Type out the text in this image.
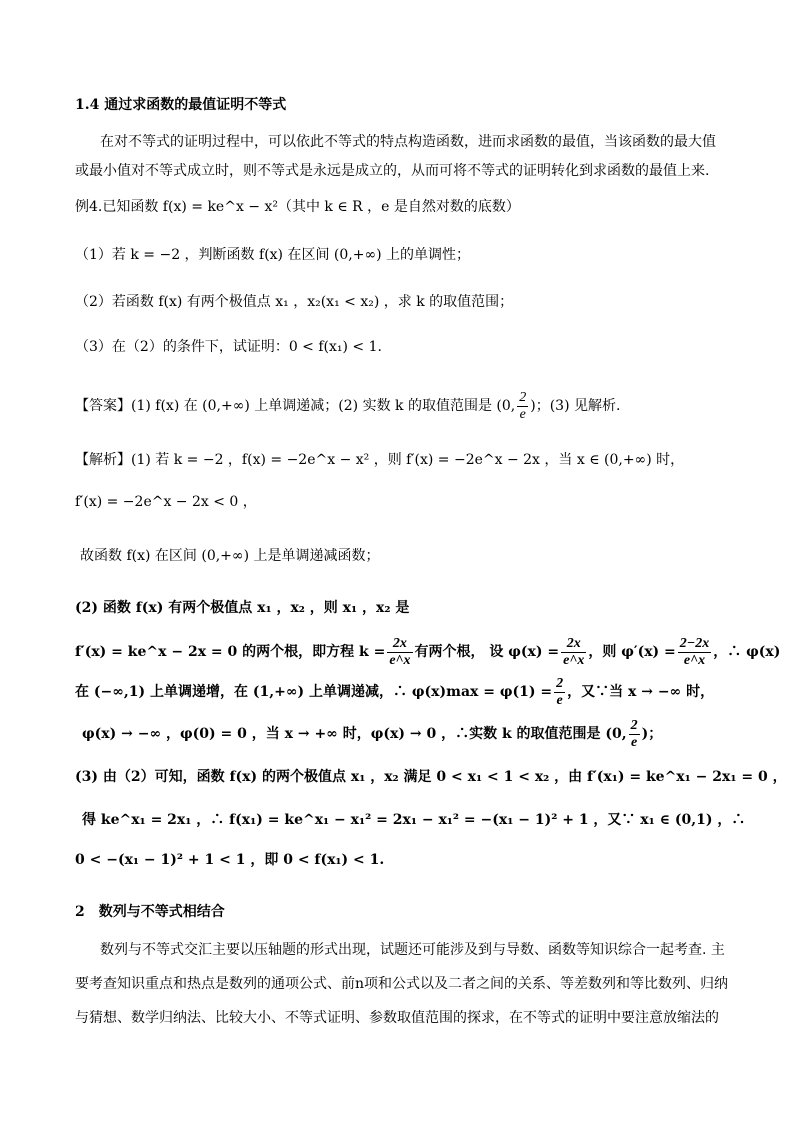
1.4 通过求函数的最值证明不等式
在对不等式的证明过程中，可以依此不等式的特点构造函数，进而求函数的最值，当该函数的最大值
或最小值对不等式成立时，则不等式是永远是成立的，从而可将不等式的证明转化到求函数的最值上来.
例4.已知函数 f(x) = ke^x − x²（其中 k ∈ R ，e 是自然对数的底数）
（1）若 k = −2 ，判断函数 f(x) 在区间 (0,+∞) 上的单调性；
（2）若函数 f(x) 有两个极值点 x₁ ，x₂(x₁ < x₂) ，求 k 的取值范围；
（3）在（2）的条件下，试证明：0 < f(x₁) < 1.
【答案】(1) f(x) 在 (0,+∞) 上单调递减；(2) 实数 k 的取值范围是 (0, $\frac{2}{e}$ )；(3) 见解析.
【解析】(1) 若 k = −2 ，f(x) = −2e^x − x² ，则 f′(x) = −2e^x − 2x ，当 x ∈ (0,+∞) 时，
f′(x) = −2e^x − 2x < 0 ，
故函数 f(x) 在区间 (0,+∞) 上是单调递减函数；
(2) 函数 f(x) 有两个极值点 x₁ ，x₂ ，则 x₁ ，x₂ 是
f′(x) = ke^x − 2x = 0 的两个根，即方程 $k = \frac{2x}{e\^{}x}$ 有两个根， 设 $\varphi(x) = \frac{2x}{e\^{}x}$ ，则 $\varphi'(x) = \frac{2-2x}{e\^{}x}$ ，∴ φ(x)
在 (−∞,1) 上单调递增，在 (1,+∞) 上单调递减，∴ $\varphi(x)\max = \varphi(1) = \frac{2}{e}$ ，又∵当 x → −∞ 时，
φ(x) → −∞ ，φ(0) = 0 ，当 x → +∞ 时，φ(x) → 0 ，∴实数 k 的取值范围是 (0, $\frac{2}{e}$ )；
(3) 由（2）可知，函数 f(x) 的两个极值点 x₁ ，x₂ 满足 0 < x₁ < 1 < x₂ ，由 f′(x₁) = ke^x₁ − 2x₁ = 0 ，
得 ke^x₁ = 2x₁ ，∴ f(x₁) = ke^x₁ − x₁² = 2x₁ − x₁² = −(x₁ − 1)² + 1 ，又∵ x₁ ∈ (0,1) ，∴
0 < −(x₁ − 1)² + 1 < 1 ，即 0 < f(x₁) < 1.
2　数列与不等式相结合
数列与不等式交汇主要以压轴题的形式出现，试题还可能涉及到与导数、函数等知识综合一起考查. 主
要考查知识重点和热点是数列的通项公式、前n项和公式以及二者之间的关系、等差数列和等比数列、归纳
与猜想、数学归纳法、比较大小、不等式证明、参数取值范围的探求，在不等式的证明中要注意放缩法的
